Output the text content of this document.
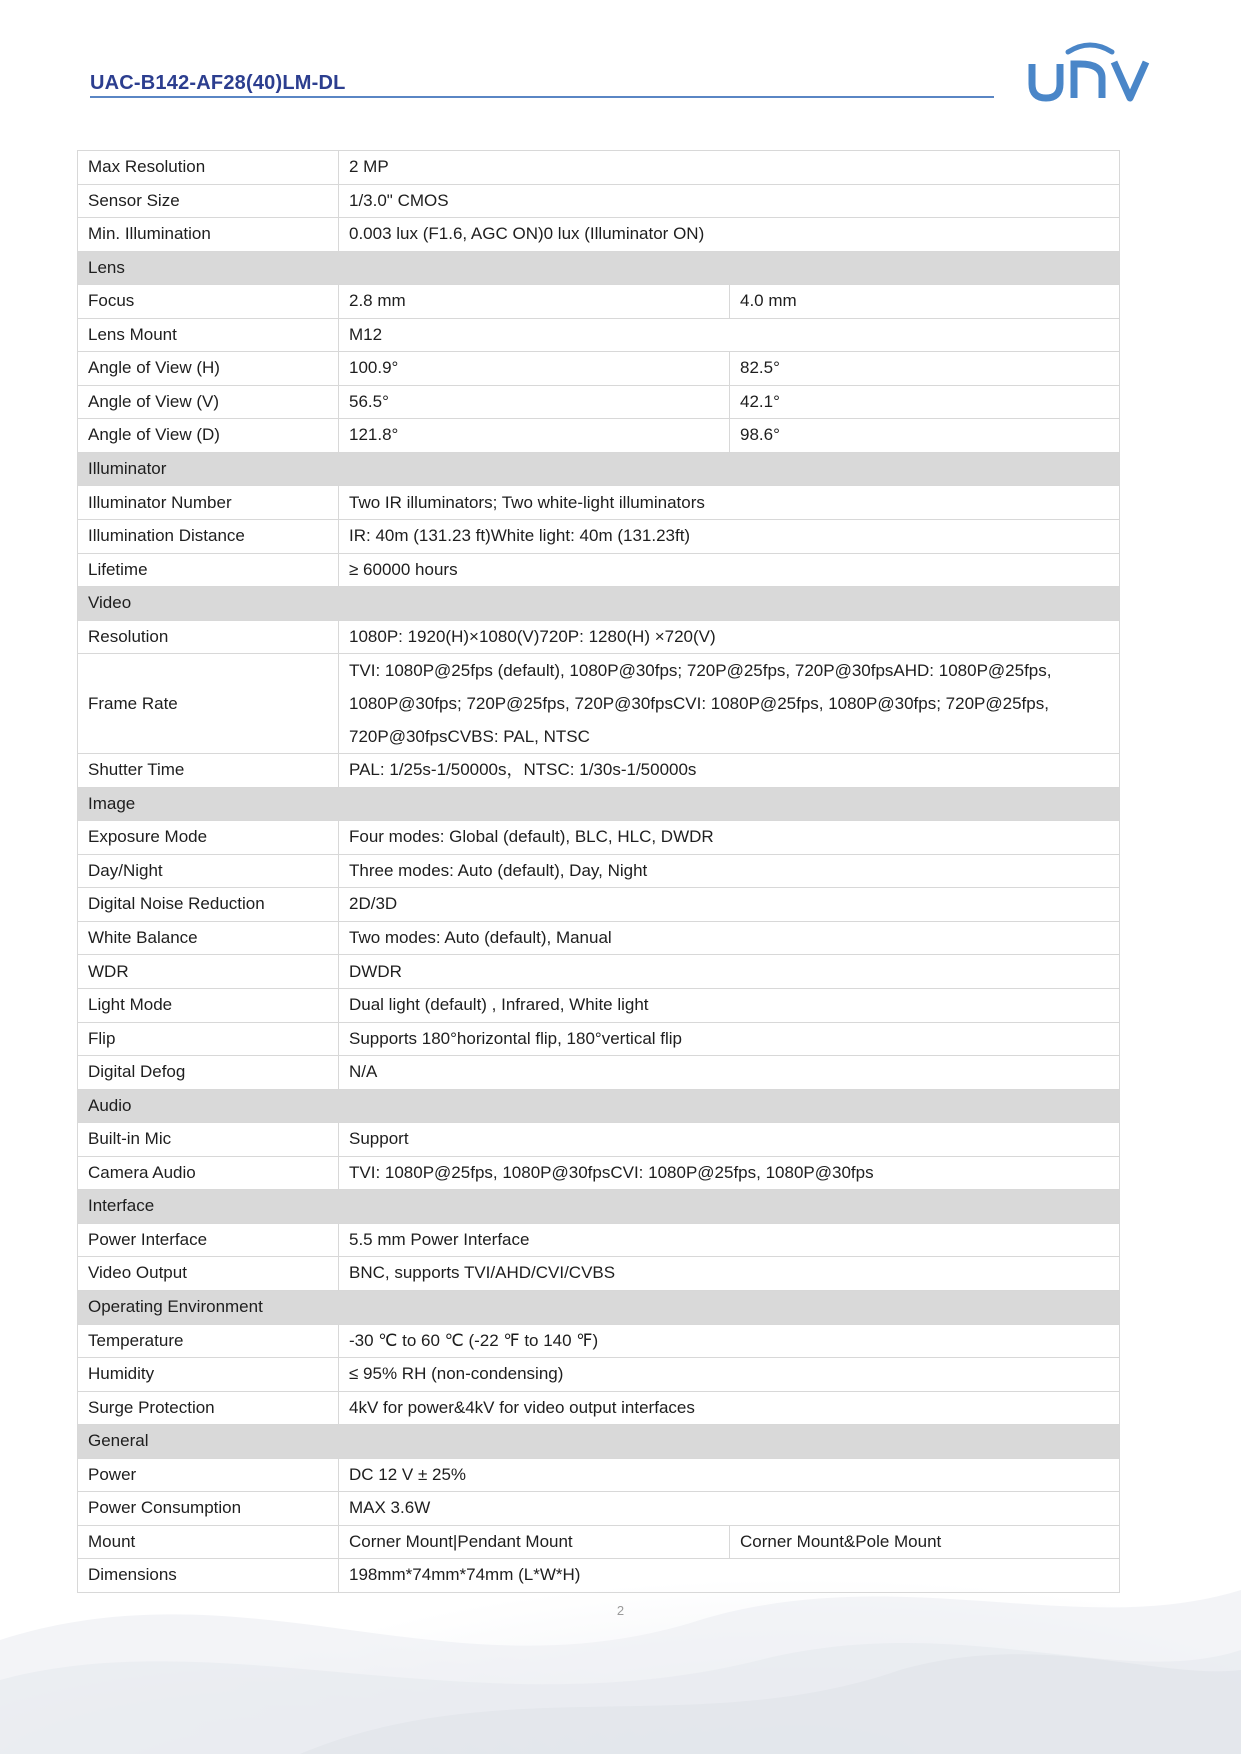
UAC-B142-AF28(40)LM-DL
Max Resolution	2 MP	
Sensor Size	1/3.0" CMOS	
Min. Illumination	0.003 lux (F1.6, AGC ON)0 lux (Illuminator ON)	
Lens		
Focus	2.8 mm	4.0 mm
Lens Mount	M12	
Angle of View (H)	100.9°	82.5°
Angle of View (V)	56.5°	42.1°
Angle of View (D)	121.8°	98.6°
Illuminator		
Illuminator Number	Two IR illuminators; Two white-light illuminators	
Illumination Distance	IR: 40m (131.23 ft)White light: 40m (131.23ft)	
Lifetime	≥ 60000 hours	
Video		
Resolution	1080P: 1920(H)×1080(V)720P: 1280(H) ×720(V)	
Frame Rate	TVI: 1080P@25fps (default), 1080P@30fps; 720P@25fps, 720P@30fpsAHD: 1080P@25fps,
1080P@30fps; 720P@25fps, 720P@30fpsCVI: 1080P@25fps, 1080P@30fps; 720P@25fps,
720P@30fpsCVBS: PAL, NTSC	

Shutter Time	PAL: 1/25s-1/50000s，NTSC: 1/30s-1/50000s	
Image		
Exposure Mode	Four modes: Global (default), BLC, HLC, DWDR	
Day/Night	Three modes: Auto (default), Day, Night	
Digital Noise Reduction	2D/3D	
White Balance	Two modes: Auto (default), Manual	
WDR	DWDR	
Light Mode	Dual light (default) , Infrared, White light	
Flip	Supports 180°horizontal flip, 180°vertical flip	
Digital Defog	N/A	
Audio		
Built-in Mic	Support	
Camera Audio	TVI: 1080P@25fps, 1080P@30fpsCVI: 1080P@25fps, 1080P@30fps	
Interface		
Power Interface	5.5 mm Power Interface	
Video Output	BNC, supports TVI/AHD/CVI/CVBS	
Operating Environment		
Temperature	-30 ℃ to 60 ℃ (-22 ℉ to 140 ℉)	
Humidity	≤ 95% RH (non-condensing)	
Surge Protection	4kV for power&4kV for video output interfaces	
General		
Power	DC 12 V ± 25%	
Power Consumption	MAX 3.6W	
Mount	Corner Mount|Pendant Mount	Corner Mount&Pole Mount
Dimensions	198mm*74mm*74mm (L*W*H)	
2
